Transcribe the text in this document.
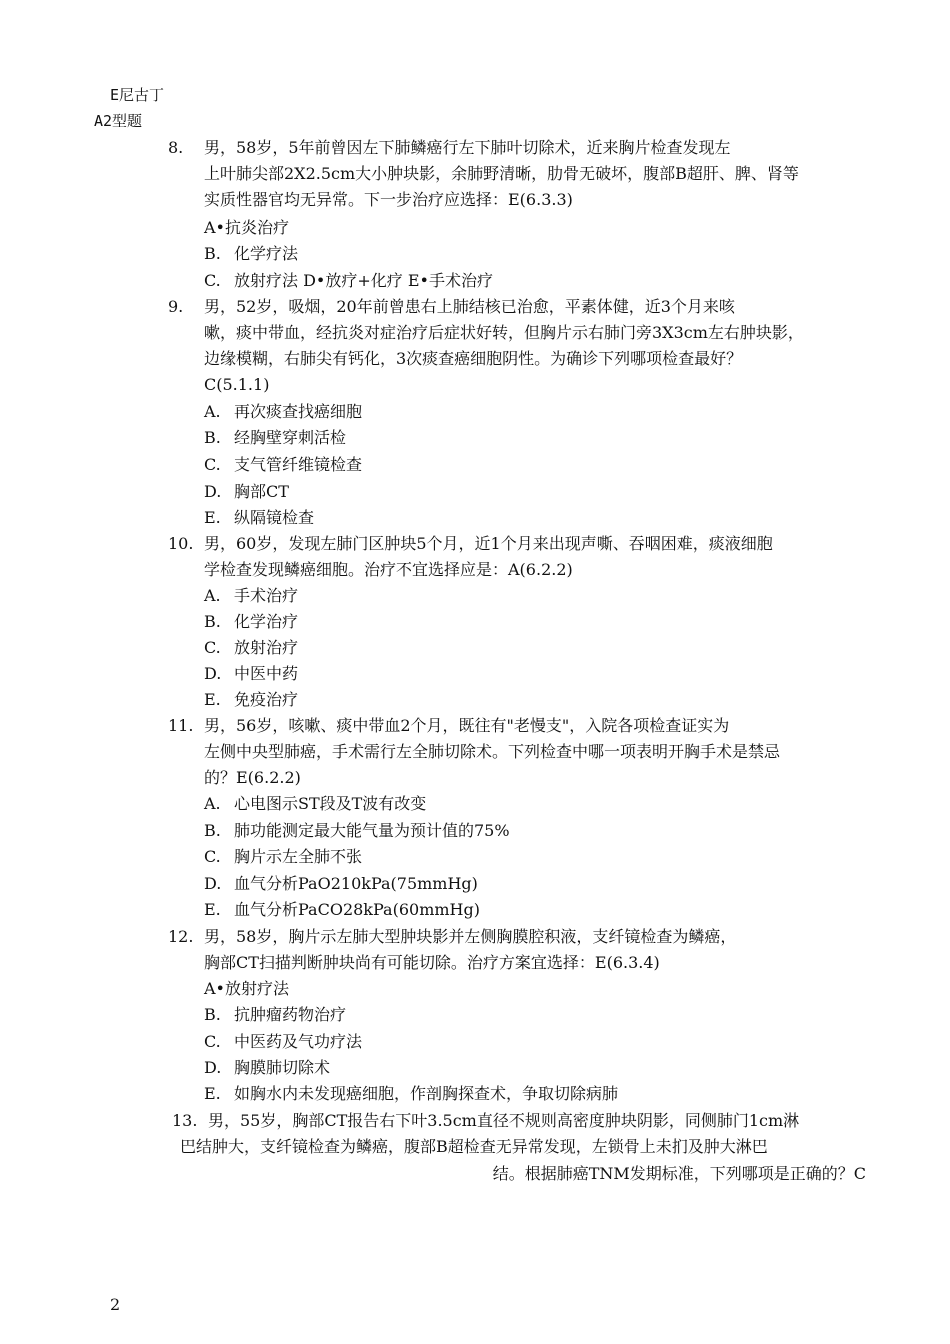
E尼古丁
A2型题
8. 男，58岁，5年前曾因左下肺鳞癌行左下肺叶切除术，近来胸片检查发现左
上叶肺尖部2X2.5cm大小肿块影，余肺野清晰，肋骨无破坏，腹部B超肝、脾、肾等
实质性器官均无异常。下一步治疗应选择：E(6.3.3)
A•抗炎治疗
B. 化学疗法
C. 放射疗法 D•放疗+化疗 E•手术治疗
9. 男，52岁，吸烟，20年前曾患右上肺结核已治愈，平素体健，近3个月来咳
嗽，痰中带血，经抗炎对症治疗后症状好转，但胸片示右肺门旁3X3cm左右肿块影，
边缘模糊，右肺尖有钙化，3次痰查癌细胞阴性。为确诊下列哪项检查最好？
C(5.1.1)
A. 再次痰查找癌细胞
B. 经胸壁穿刺活检
C. 支气管纤维镜检查
D. 胸部CT
E. 纵隔镜检查
10. 男，60岁，发现左肺门区肿块5个月，近1个月来出现声嘶、吞咽困难，痰液细胞
学检查发现鳞癌细胞。治疗不宜选择应是：A(6.2.2)
A. 手术治疗
B. 化学治疗
C. 放射治疗
D. 中医中药
E. 免疫治疗
11. 男，56岁，咳嗽、痰中带血2个月，既往有"老慢支"，入院各项检查证实为
左侧中央型肺癌，手术需行左全肺切除术。下列检查中哪一项表明开胸手术是禁忌
的？E(6.2.2)
A. 心电图示ST段及T波有改变
B. 肺功能测定最大能气量为预计值的75%
C. 胸片示左全肺不张
D. 血气分析PaO210kPa(75mmHg)
E. 血气分析PaCO28kPa(60mmHg)
12. 男，58岁，胸片示左肺大型肿块影并左侧胸膜腔积液，支纤镜检查为鳞癌，
胸部CT扫描判断肿块尚有可能切除。治疗方案宜选择：E(6.3.4)
A•放射疗法
B. 抗肿瘤药物治疗
C. 中医药及气功疗法
D. 胸膜肺切除术
E. 如胸水内未发现癌细胞，作剖胸探查术，争取切除病肺
13. 男，55岁，胸部CT报告右下叶3.5cm直径不规则高密度肿块阴影，同侧肺门1cm淋
巴结肿大，支纤镜检查为鳞癌，腹部B超检查无异常发现，左锁骨上未扪及肿大淋巴
结。根据肺癌TNM发期标准，下列哪项是正确的？C
2
